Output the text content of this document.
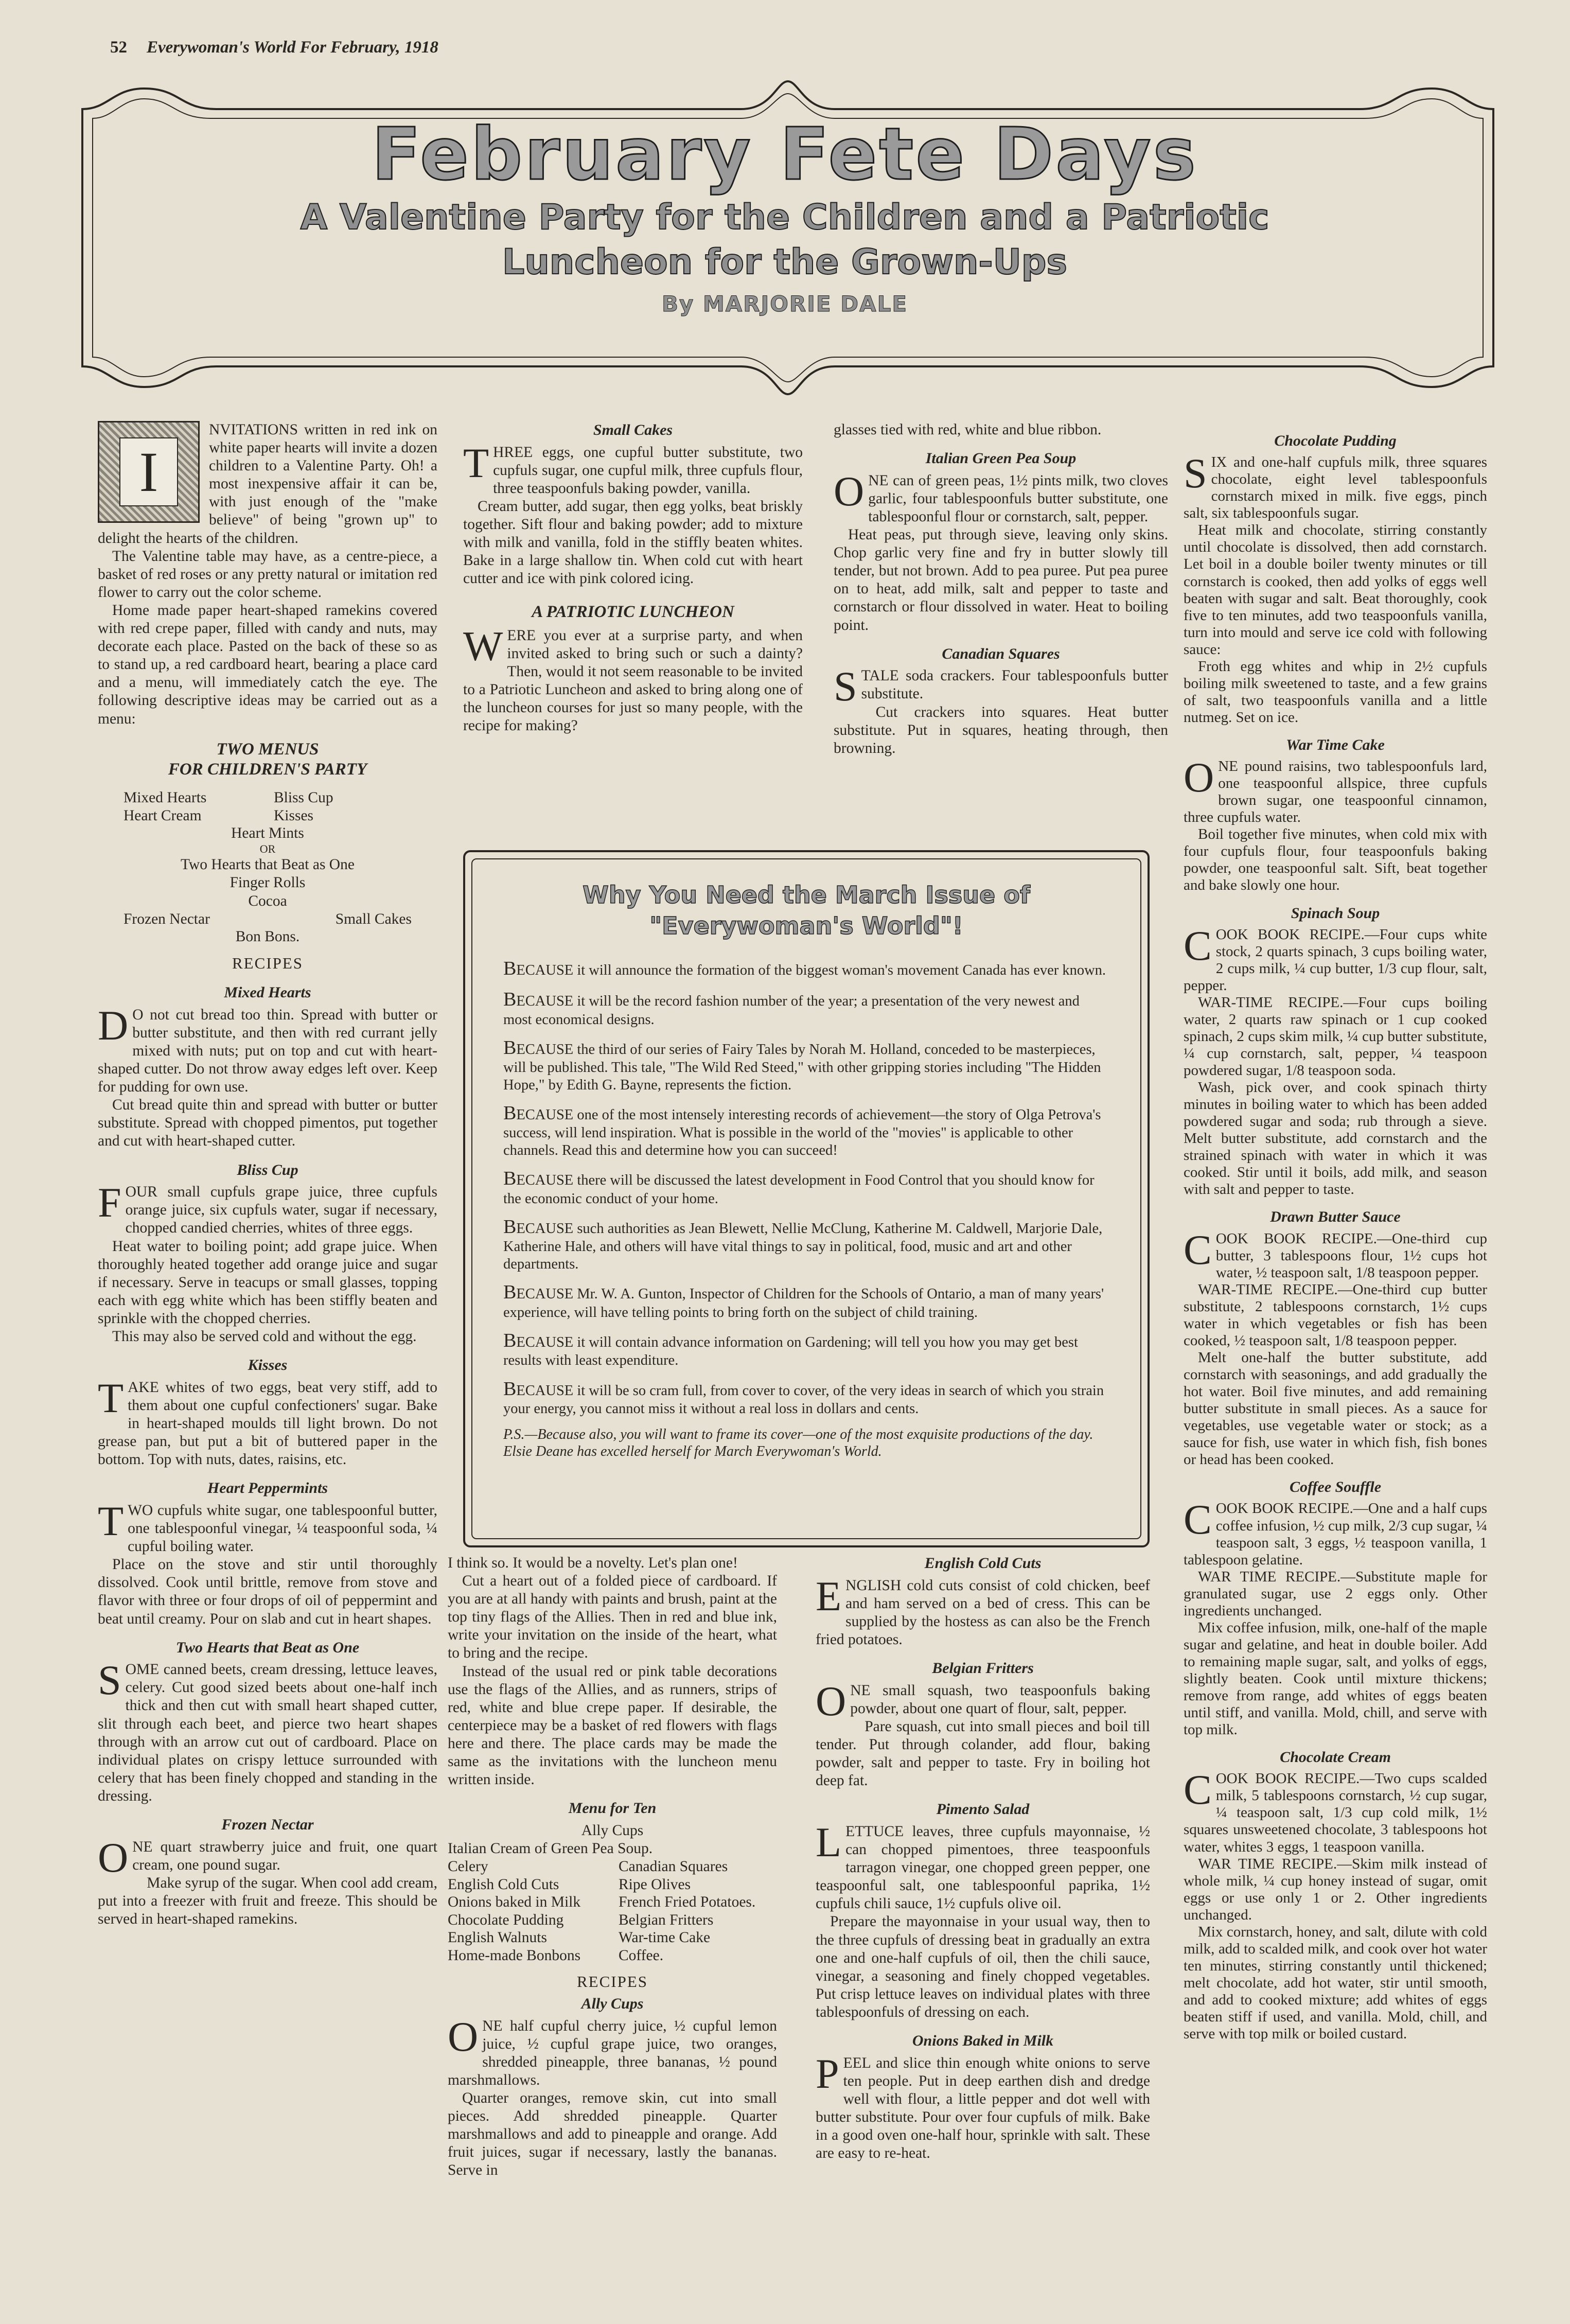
52 Everywoman's World For February, 1918
February Fete Days
A Valentine Party for the Children and a Patriotic
Luncheon for the Grown-Ups
By MARJORIE DALE
I

NVITATIONS written in red ink on white paper hearts will invite a dozen children to a Valentine Party. Oh! a most inexpensive affair it can be, with just enough of the "make believe" of being "grown up" to delight the hearts of the children.

The Valentine table may have, as a centre-piece, a basket of red roses or any pretty natural or imitation red flower to carry out the color scheme.

Home made paper heart-shaped ramekins covered with red crepe paper, filled with candy and nuts, may decorate each place. Pasted on the back of these so as to stand up, a red cardboard heart, bearing a place card and a menu, will immediately catch the eye. The following descriptive ideas may be carried out as a menu:

TWO MENUS
FOR CHILDREN'S PARTY
Mixed Hearts	Bliss Cup
Heart Cream	Kisses
Heart Mints
OR
Two Hearts that Beat as One
Finger Rolls
Cocoa
Frozen Nectar	Small Cakes
Bon Bons.
RECIPES
Mixed Hearts

D O not cut bread too thin. Spread with butter or butter substitute, and then with red currant jelly mixed with nuts; put on top and cut with heart-shaped cutter. Do not throw away edges left over. Keep for pudding for own use.

Cut bread quite thin and spread with butter or butter substitute. Spread with chopped pimentos, put together and cut with heart-shaped cutter.

Bliss Cup

FOUR small cupfuls grape juice, three cupfuls orange juice, six cupfuls water, sugar if necessary, chopped candied cherries, whites of three eggs.

Heat water to boiling point; add grape juice. When thoroughly heated together add orange juice and sugar if necessary. Serve in teacups or small glasses, topping each with egg white which has been stiffly beaten and sprinkle with the chopped cherries.

This may also be served cold and without the egg.

Kisses

TAKE whites of two eggs, beat very stiff, add to them about one cupful confectioners' sugar. Bake in heart-shaped moulds till light brown. Do not grease pan, but put a bit of buttered paper in the bottom. Top with nuts, dates, raisins, etc.

Heart Peppermints

TWO cupfuls white sugar, one tablespoonful butter, one tablespoonful vinegar, ¼ teaspoonful soda, ¼ cupful boiling water.

Place on the stove and stir until thoroughly dissolved. Cook until brittle, remove from stove and flavor with three or four drops of oil of peppermint and beat until creamy. Pour on slab and cut in heart shapes.

Two Hearts that Beat as One

SOME canned beets, cream dressing, lettuce leaves, celery. Cut good sized beets about one-half inch thick and then cut with small heart shaped cutter, slit through each beet, and pierce two heart shapes through with an arrow cut out of cardboard. Place on individual plates on crispy lettuce surrounded with celery that has been finely chopped and standing in the dressing.

Frozen Nectar

ONE quart strawberry juice and fruit, one quart cream, one pound sugar.

Make syrup of the sugar. When cool add cream, put into a freezer with fruit and freeze. This should be served in heart-shaped ramekins.

Small Cakes

THREE eggs, one cupful butter substitute, two cupfuls sugar, one cupful milk, three cupfuls flour, three teaspoonfuls baking powder, vanilla.

Cream butter, add sugar, then egg yolks, beat briskly together. Sift flour and baking powder; add to mixture with milk and vanilla, fold in the stiffly beaten whites. Bake in a large shallow tin. When cold cut with heart cutter and ice with pink colored icing.

A PATRIOTIC LUNCHEON

WERE you ever at a surprise party, and when invited asked to bring such or such a dainty? Then, would it not seem reasonable to be invited to a Patriotic Luncheon and asked to bring along one of the luncheon courses for just so many people, with the recipe for making?

glasses tied with red, white and blue ribbon.

Italian Green Pea Soup

ONE can of green peas, 1½ pints milk, two cloves garlic, four tablespoonfuls butter substitute, one tablespoonful flour or cornstarch, salt, pepper.

Heat peas, put through sieve, leaving only skins. Chop garlic very fine and fry in butter slowly till tender, but not brown. Add to pea puree. Put pea puree on to heat, add milk, salt and pepper to taste and cornstarch or flour dissolved in water. Heat to boiling point.

Canadian Squares

STALE soda crackers. Four tablespoonfuls butter substitute.

Cut crackers into squares. Heat butter substitute. Put in squares, heating through, then browning.

Why You Need the March Issue of
"Everywoman's World"!

BECAUSE it will announce the formation of the biggest woman's movement Canada has ever known.

BECAUSE it will be the record fashion number of the year; a presentation of the very newest and most economical designs.

BECAUSE the third of our series of Fairy Tales by Norah M. Holland, conceded to be masterpieces, will be published. This tale, "The Wild Red Steed," with other gripping stories including "The Hidden Hope," by Edith G. Bayne, represents the fiction.

BECAUSE one of the most intensely interesting records of achievement—the story of Olga Petrova's success, will lend inspiration. What is possible in the world of the "movies" is applicable to other channels. Read this and determine how you can succeed!

BECAUSE there will be discussed the latest development in Food Control that you should know for the economic conduct of your home.

BECAUSE such authorities as Jean Blewett, Nellie McClung, Katherine M. Caldwell, Marjorie Dale, Katherine Hale, and others will have vital things to say in political, food, music and art and other departments.

BECAUSE Mr. W. A. Gunton, Inspector of Children for the Schools of Ontario, a man of many years' experience, will have telling points to bring forth on the subject of child training.

BECAUSE it will contain advance information on Gardening; will tell you how you may get best results with least expenditure.

BECAUSE it will be so cram full, from cover to cover, of the very ideas in search of which you strain your energy, you cannot miss it without a real loss in dollars and cents.

P.S.—Because also, you will want to frame its cover—one of the most exquisite productions of the day. Elsie Deane has excelled herself for March Everywoman's World.

I think so. It would be a novelty. Let's plan one!

Cut a heart out of a folded piece of cardboard. If you are at all handy with paints and brush, paint at the top tiny flags of the Allies. Then in red and blue ink, write your invitation on the inside of the heart, what to bring and the recipe.

Instead of the usual red or pink table decorations use the flags of the Allies, and as runners, strips of red, white and blue crepe paper. If desirable, the centerpiece may be a basket of red flowers with flags here and there. The place cards may be made the same as the invitations with the luncheon menu written inside.

Menu for Ten
Ally Cups
Italian Cream of Green Pea Soup.
Celery	Canadian Squares
English Cold Cuts	Ripe Olives
Onions baked in Milk	French Fried Potatoes.
Chocolate Pudding	Belgian Fritters
English Walnuts	War-time Cake
Home-made Bonbons	Coffee.
RECIPES
Ally Cups

ONE half cupful cherry juice, ½ cupful lemon juice, ½ cupful grape juice, two oranges, shredded pineapple, three bananas, ½ pound marshmallows.

Quarter oranges, remove skin, cut into small pieces. Add shredded pineapple. Quarter marshmallows and add to pineapple and orange. Add fruit juices, sugar if necessary, lastly the bananas. Serve in

English Cold Cuts

ENGLISH cold cuts consist of cold chicken, beef and ham served on a bed of cress. This can be supplied by the hostess as can also be the French fried potatoes.

Belgian Fritters

ONE small squash, two teaspoonfuls baking powder, about one quart of flour, salt, pepper.

Pare squash, cut into small pieces and boil till tender. Put through colander, add flour, baking powder, salt and pepper to taste. Fry in boiling hot deep fat.

Pimento Salad

LETTUCE leaves, three cupfuls mayonnaise, ½ can chopped pimentoes, three teaspoonfuls tarragon vinegar, one chopped green pepper, one teaspoonful salt, one tablespoonful paprika, 1½ cupfuls chili sauce, 1½ cupfuls olive oil.

Prepare the mayonnaise in your usual way, then to the three cupfuls of dressing beat in gradually an extra one and one-half cupfuls of oil, then the chili sauce, vinegar, a seasoning and finely chopped vegetables. Put crisp lettuce leaves on individual plates with three tablespoonfuls of dressing on each.

Onions Baked in Milk

PEEL and slice thin enough white onions to serve ten people. Put in deep earthen dish and dredge well with flour, a little pepper and dot well with butter substitute. Pour over four cupfuls of milk. Bake in a good oven one-half hour, sprinkle with salt. These are easy to re-heat.

Chocolate Pudding

SIX and one-half cupfuls milk, three squares chocolate, eight level tablespoonfuls cornstarch mixed in milk. five eggs, pinch salt, six tablespoonfuls sugar.

Heat milk and chocolate, stirring constantly until chocolate is dissolved, then add cornstarch. Let boil in a double boiler twenty minutes or till cornstarch is cooked, then add yolks of eggs well beaten with sugar and salt. Beat thoroughly, cook five to ten minutes, add two teaspoonfuls vanilla, turn into mould and serve ice cold with following sauce:

Froth egg whites and whip in 2½ cupfuls boiling milk sweetened to taste, and a few grains of salt, two teaspoonfuls vanilla and a little nutmeg. Set on ice.

War Time Cake

ONE pound raisins, two tablespoonfuls lard, one teaspoonful allspice, three cupfuls brown sugar, one teaspoonful cinnamon, three cupfuls water.

Boil together five minutes, when cold mix with four cupfuls flour, four teaspoonfuls baking powder, one teaspoonful salt. Sift, beat together and bake slowly one hour.

Spinach Soup

COOK BOOK RECIPE.—Four cups white stock, 2 quarts spinach, 3 cups boiling water, 2 cups milk, ¼ cup butter, 1/3 cup flour, salt, pepper.

WAR-TIME RECIPE.—Four cups boiling water, 2 quarts raw spinach or 1 cup cooked spinach, 2 cups skim milk, ¼ cup butter substitute, ¼ cup cornstarch, salt, pepper, ¼ teaspoon powdered sugar, 1/8 teaspoon soda.

Wash, pick over, and cook spinach thirty minutes in boiling water to which has been added powdered sugar and soda; rub through a sieve. Melt butter substitute, add cornstarch and the strained spinach with water in which it was cooked. Stir until it boils, add milk, and season with salt and pepper to taste.

Drawn Butter Sauce

COOK BOOK RECIPE.—One-third cup butter, 3 tablespoons flour, 1½ cups hot water, ½ teaspoon salt, 1/8 teaspoon pepper.

WAR-TIME RECIPE.—One-third cup butter substitute, 2 tablespoons cornstarch, 1½ cups water in which vegetables or fish has been cooked, ½ teaspoon salt, 1/8 teaspoon pepper.

Melt one-half the butter substitute, add cornstarch with seasonings, and add gradually the hot water. Boil five minutes, and add remaining butter substitute in small pieces. As a sauce for vegetables, use vegetable water or stock; as a sauce for fish, use water in which fish, fish bones or head has been cooked.

Coffee Souffle

COOK BOOK RECIPE.—One and a half cups coffee infusion, ½ cup milk, 2/3 cup sugar, ¼ teaspoon salt, 3 eggs, ½ teaspoon vanilla, 1 tablespoon gelatine.

WAR TIME RECIPE.—Substitute maple for granulated sugar, use 2 eggs only. Other ingredients unchanged.

Mix coffee infusion, milk, one-half of the maple sugar and gelatine, and heat in double boiler. Add to remaining maple sugar, salt, and yolks of eggs, slightly beaten. Cook until mixture thickens; remove from range, add whites of eggs beaten until stiff, and vanilla. Mold, chill, and serve with top milk.

Chocolate Cream

COOK BOOK RECIPE.—Two cups scalded milk, 5 tablespoons cornstarch, ½ cup sugar, ¼ teaspoon salt, 1/3 cup cold milk, 1½ squares unsweetened chocolate, 3 tablespoons hot water, whites 3 eggs, 1 teaspoon vanilla.

WAR TIME RECIPE.—Skim milk instead of whole milk, ¼ cup honey instead of sugar, omit eggs or use only 1 or 2. Other ingredients unchanged.

Mix cornstarch, honey, and salt, dilute with cold milk, add to scalded milk, and cook over hot water ten minutes, stirring constantly until thickened; melt chocolate, add hot water, stir until smooth, and add to cooked mixture; add whites of eggs beaten stiff if used, and vanilla. Mold, chill, and serve with top milk or boiled custard.
